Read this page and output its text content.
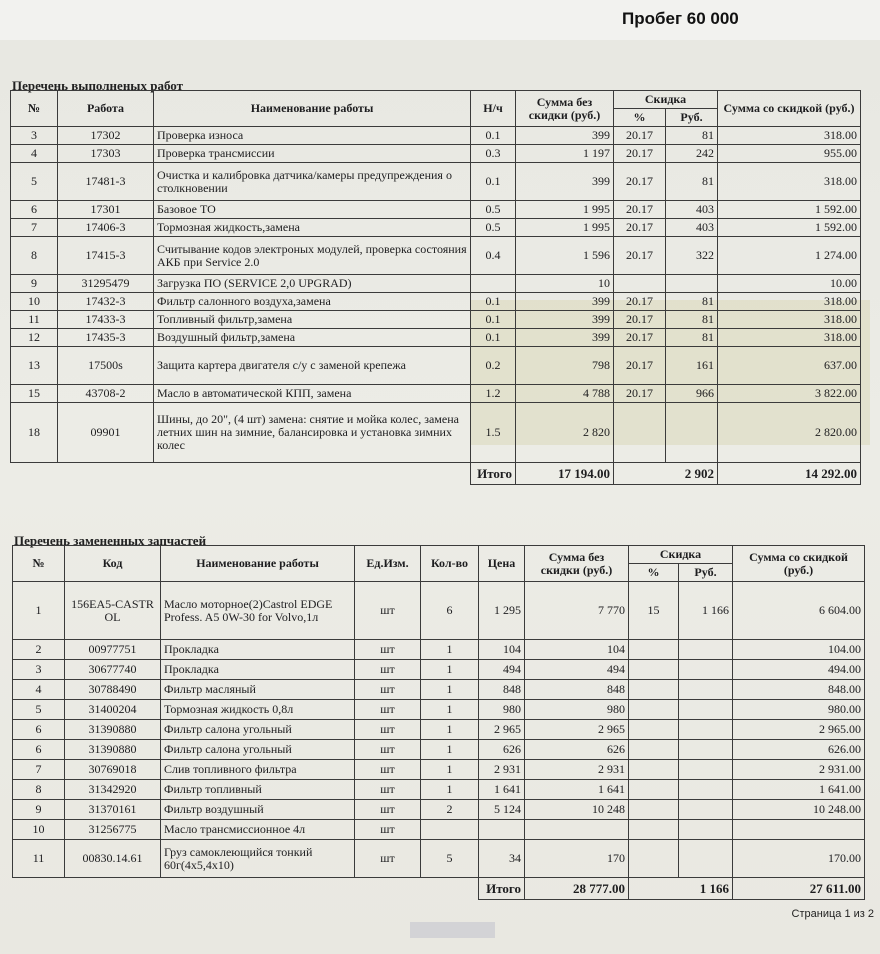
Пробег 60 000
Перечень выполненых работ
№	Работа	Наименование работы	Н/ч	Сумма без скидки (руб.)	Скидка		Сумма со скидкой (руб.)
					%	Руб.	
3	17302	Проверка износа	0.1	399	20.17	81	318.00
4	17303	Проверка трансмиссии	0.3	1 197	20.17	242	955.00
5	17481-3	Очистка и калибровка датчика/камеры предупреждения о столкновении	0.1	399	20.17	81	318.00
6	17301	Базовое ТО	0.5	1 995	20.17	403	1 592.00
7	17406-3	Тормозная жидкость,замена	0.5	1 995	20.17	403	1 592.00
8	17415-3	Считывание кодов электроных модулей, проверка состояния АКБ при Service 2.0	0.4	1 596	20.17	322	1 274.00
9	31295479	Загрузка ПО (SERVICE 2,0 UPGRAD)		10			10.00
10	17432-3	Фильтр салонного воздуха,замена	0.1	399	20.17	81	318.00
11	17433-3	Топливный фильтр,замена	0.1	399	20.17	81	318.00
12	17435-3	Воздушный фильтр,замена	0.1	399	20.17	81	318.00
13	17500s	Защита картера двигателя с/у с заменой крепежа	0.2	798	20.17	161	637.00
15	43708-2	Масло в автоматической КПП, замена	1.2	4 788	20.17	966	3 822.00
18	09901	Шины, до 20", (4 шт) замена: снятие и мойка колес, замена летних шин на зимние, балансировка и установка зимних колес	1.5	2 820			2 820.00
			Итого	17 194.00	2 902		14 292.00
Перечень замененных запчастей
№	Код	Наименование работы	Ед.Изм.	Кол-во	Цена	Сумма без скидки (руб.)	Скидка		Сумма со скидкой (руб.)
							%	Руб.	
1	156EA5-CASTROL	Масло моторное(2)Castrol EDGE Profess. A5 0W-30 for Volvo,1л	шт	6	1 295	7 770	15	1 166	6 604.00
2	00977751	Прокладка	шт	1	104	104			104.00
3	30677740	Прокладка	шт	1	494	494			494.00
4	30788490	Фильтр масляный	шт	1	848	848			848.00
5	31400204	Тормозная жидкость 0,8л	шт	1	980	980			980.00
6	31390880	Фильтр салона угольный	шт	1	2 965	2 965			2 965.00
6	31390880	Фильтр салона угольный	шт	1	626	626			626.00
7	30769018	Слив топливного фильтра	шт	1	2 931	2 931			2 931.00
8	31342920	Фильтр топливный	шт	1	1 641	1 641			1 641.00
9	31370161	Фильтр воздушный	шт	2	5 124	10 248			10 248.00
10	31256775	Масло трансмиссионное 4л	шт						
11	00830.14.61	Груз самоклеющийся тонкий 60г(4х5,4х10)	шт	5	34	170			170.00
					Итого	28 777.00	1 166		27 611.00
Страница 1 из 2
